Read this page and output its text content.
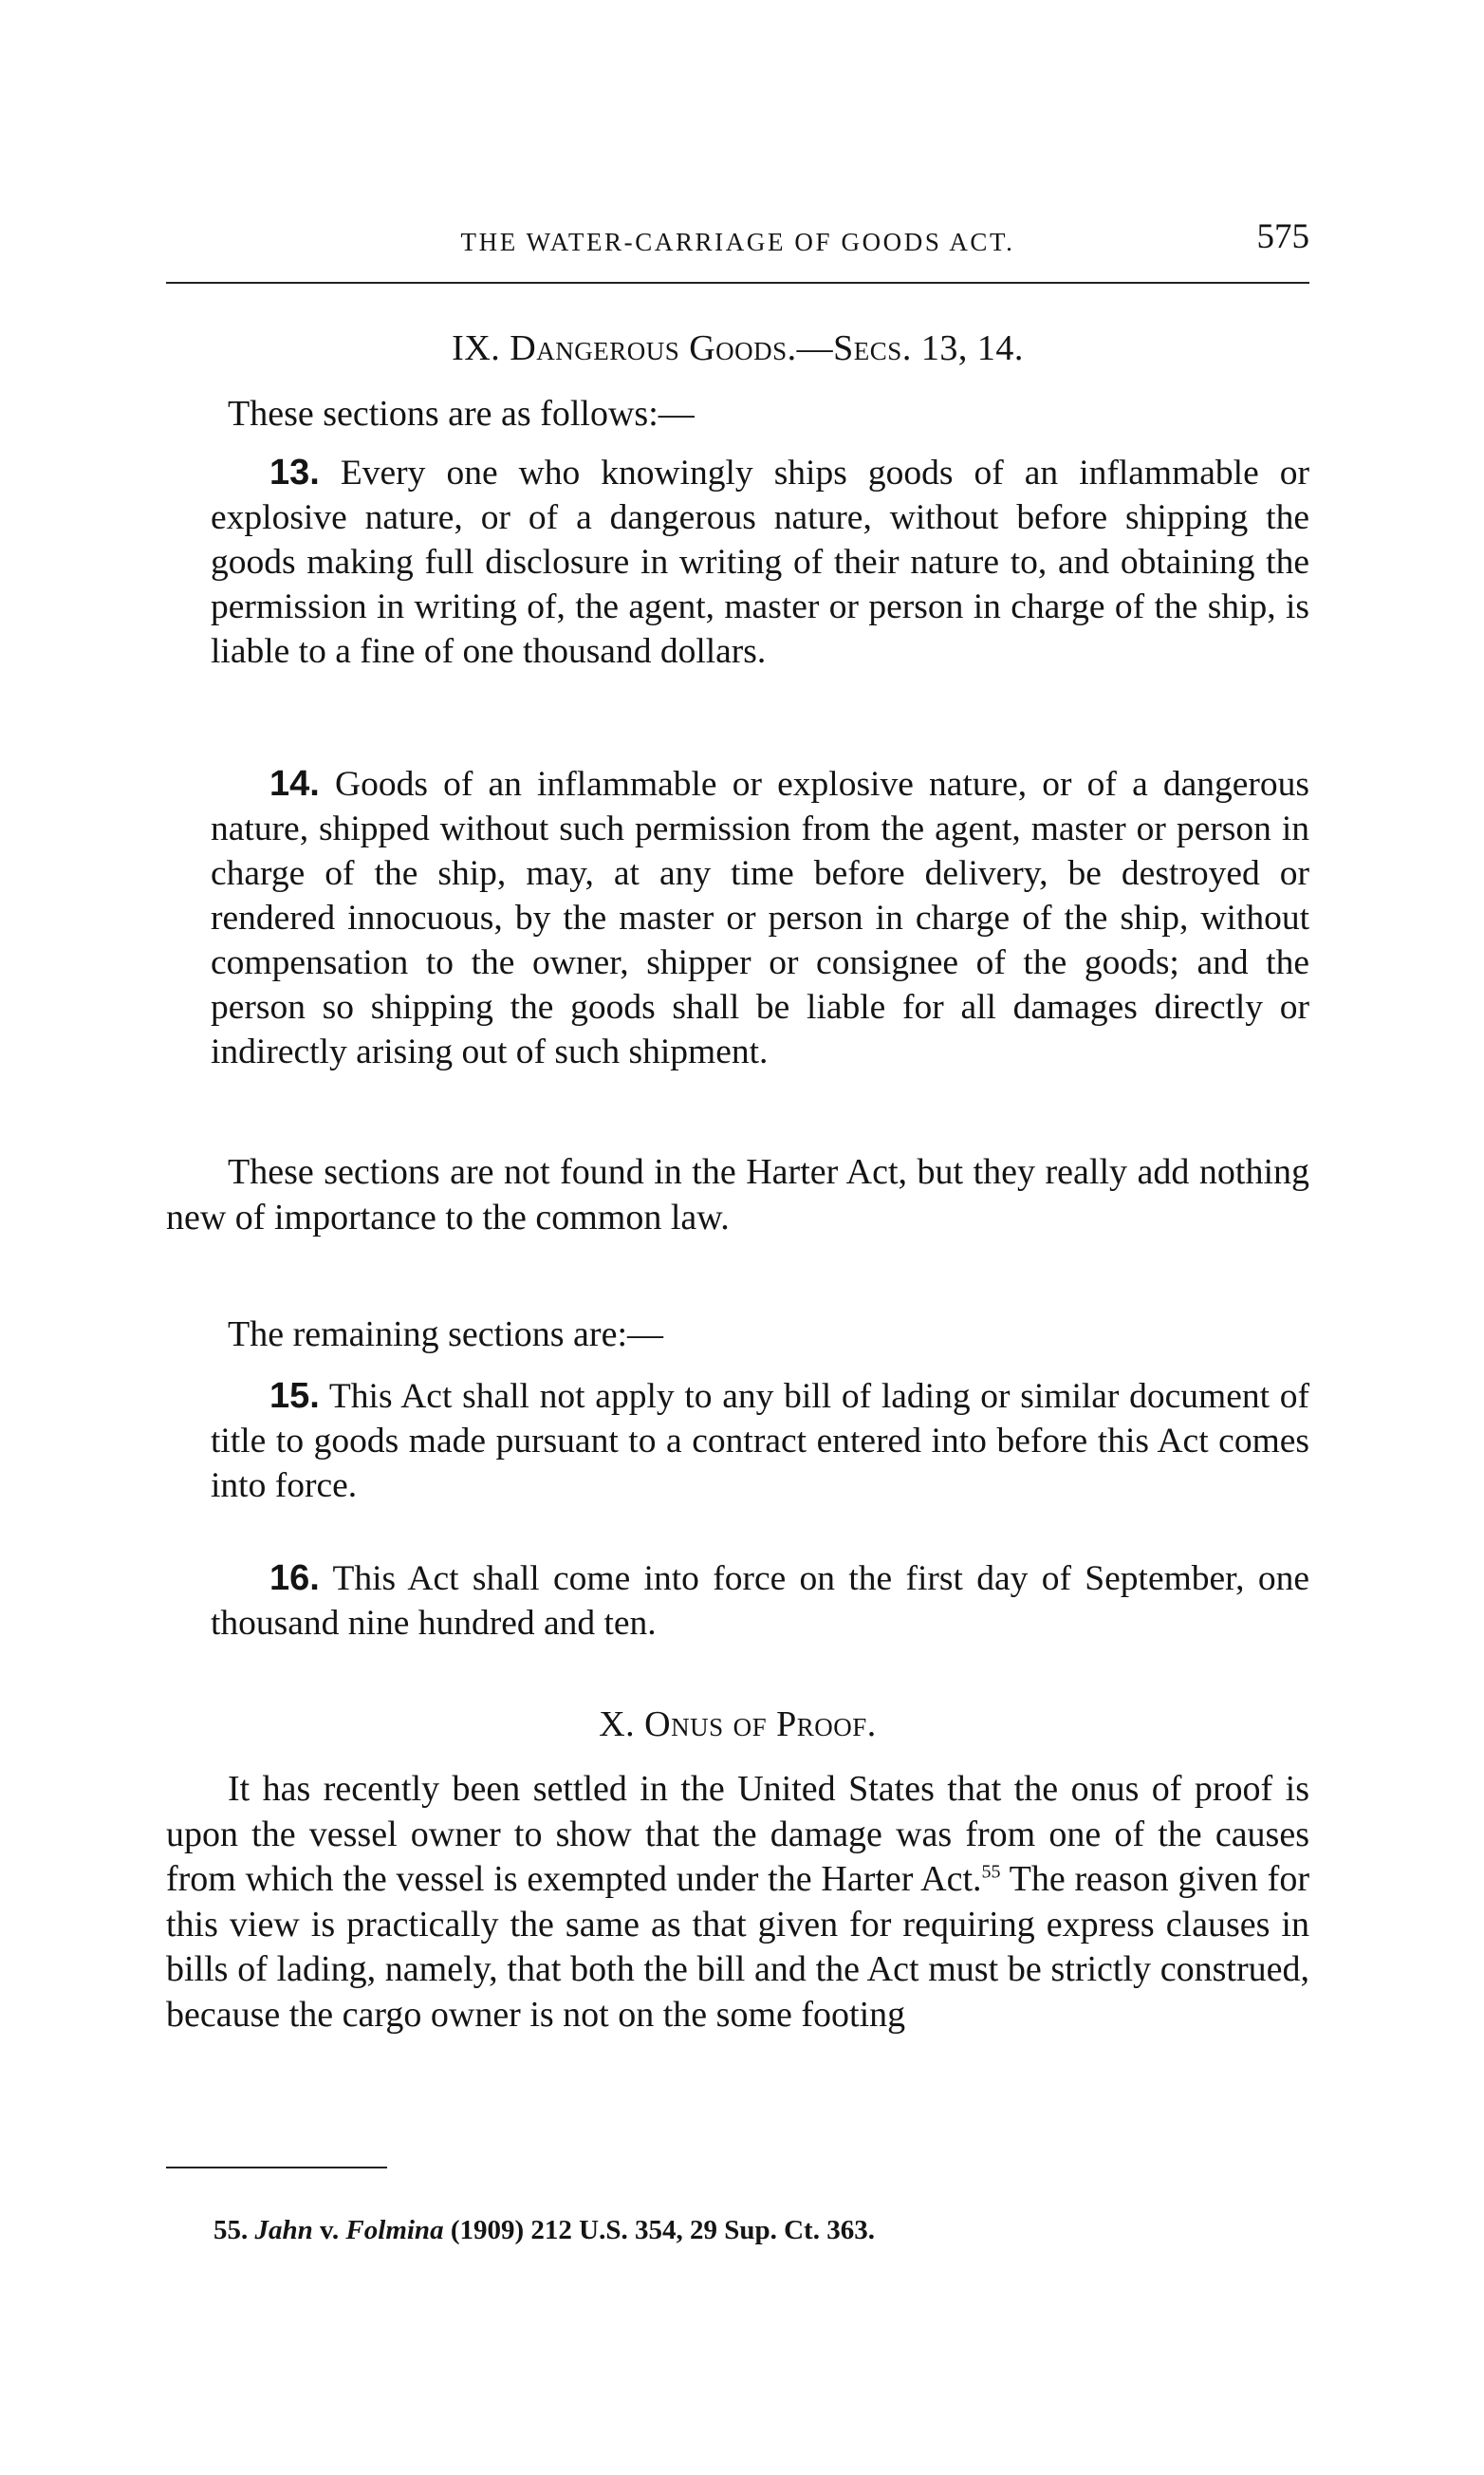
THE WATER-CARRIAGE OF GOODS ACT.	575
IX. Dangerous Goods.—Secs. 13, 14.
These sections are as follows:—
13. Every one who knowingly ships goods of an inflammable or explosive nature, or of a dangerous nature, without before shipping the goods making full disclosure in writing of their nature to, and obtaining the permission in writing of, the agent, master or person in charge of the ship, is liable to a fine of one thousand dollars.
14. Goods of an inflammable or explosive nature, or of a dangerous nature, shipped without such permission from the agent, master or person in charge of the ship, may, at any time before delivery, be destroyed or rendered innocuous, by the master or person in charge of the ship, without compensation to the owner, shipper or consignee of the goods; and the person so shipping the goods shall be liable for all damages directly or indirectly arising out of such shipment.
These sections are not found in the Harter Act, but they really add nothing new of importance to the common law.
The remaining sections are:—
15. This Act shall not apply to any bill of lading or similar document of title to goods made pursuant to a contract entered into before this Act comes into force.
16. This Act shall come into force on the first day of September, one thousand nine hundred and ten.
X. Onus of Proof.
It has recently been settled in the United States that the onus of proof is upon the vessel owner to show that the damage was from one of the causes from which the vessel is exempted under the Harter Act.$^{55}$ The reason given for this view is practically the same as that given for requiring express clauses in bills of lading, namely, that both the bill and the Act must be strictly construed, because the cargo owner is not on the some footing
55. Jahn v. Folmina (1909) 212 U.S. 354, 29 Sup. Ct. 363.
